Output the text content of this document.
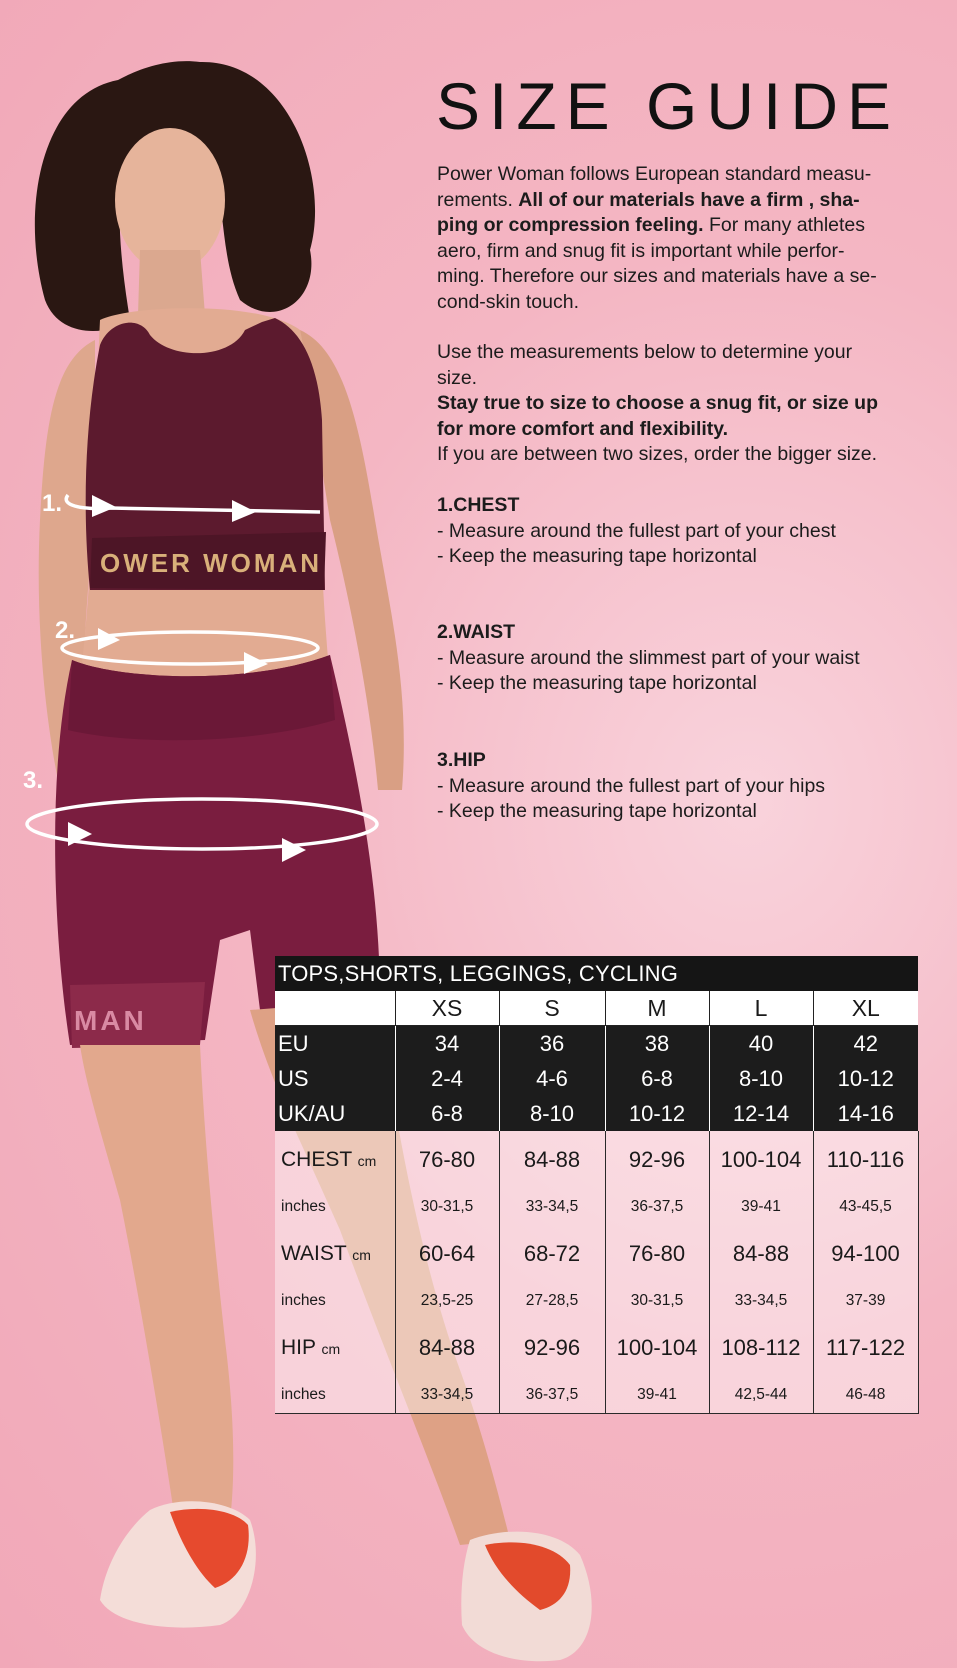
OWER WOMAN
MAN
1.
2.
3.
SIZE GUIDE
Power Woman follows European standard measu-
rements. All of our materials have a firm , sha-
ping or compression feeling. For many athletes
aero, firm and snug fit is important while perfor-
ming. Therefore our sizes and materials have a se-
cond-skin touch.
Use the measurements below to determine your
size.
Stay true to size to choose a snug fit, or size up
for more comfort and flexibility.
If you are between two sizes, order the bigger size.
1.CHEST
- Measure around the fullest part of your chest
- Keep the measuring tape horizontal
2.WAIST
- Measure around the slimmest part of your waist
- Keep the measuring tape horizontal
3.HIP
- Measure around the fullest part of your hips
- Keep the measuring tape horizontal
TOPS,SHORTS, LEGGINGS, CYCLING					
	XS	S	M	L	XL
EU	34	36	38	40	42
US	2-4	4-6	6-8	8-10	10-12
UK/AU	6-8	8-10	10-12	12-14	14-16
CHEST cm	76-80	84-88	92-96	100-104	110-116
inches	30-31,5	33-34,5	36-37,5	39-41	43-45,5
WAIST cm	60-64	68-72	76-80	84-88	94-100
inches	23,5-25	27-28,5	30-31,5	33-34,5	37-39
HIP cm	84-88	92-96	100-104	108-112	117-122
inches	33-34,5	36-37,5	39-41	42,5-44	46-48
